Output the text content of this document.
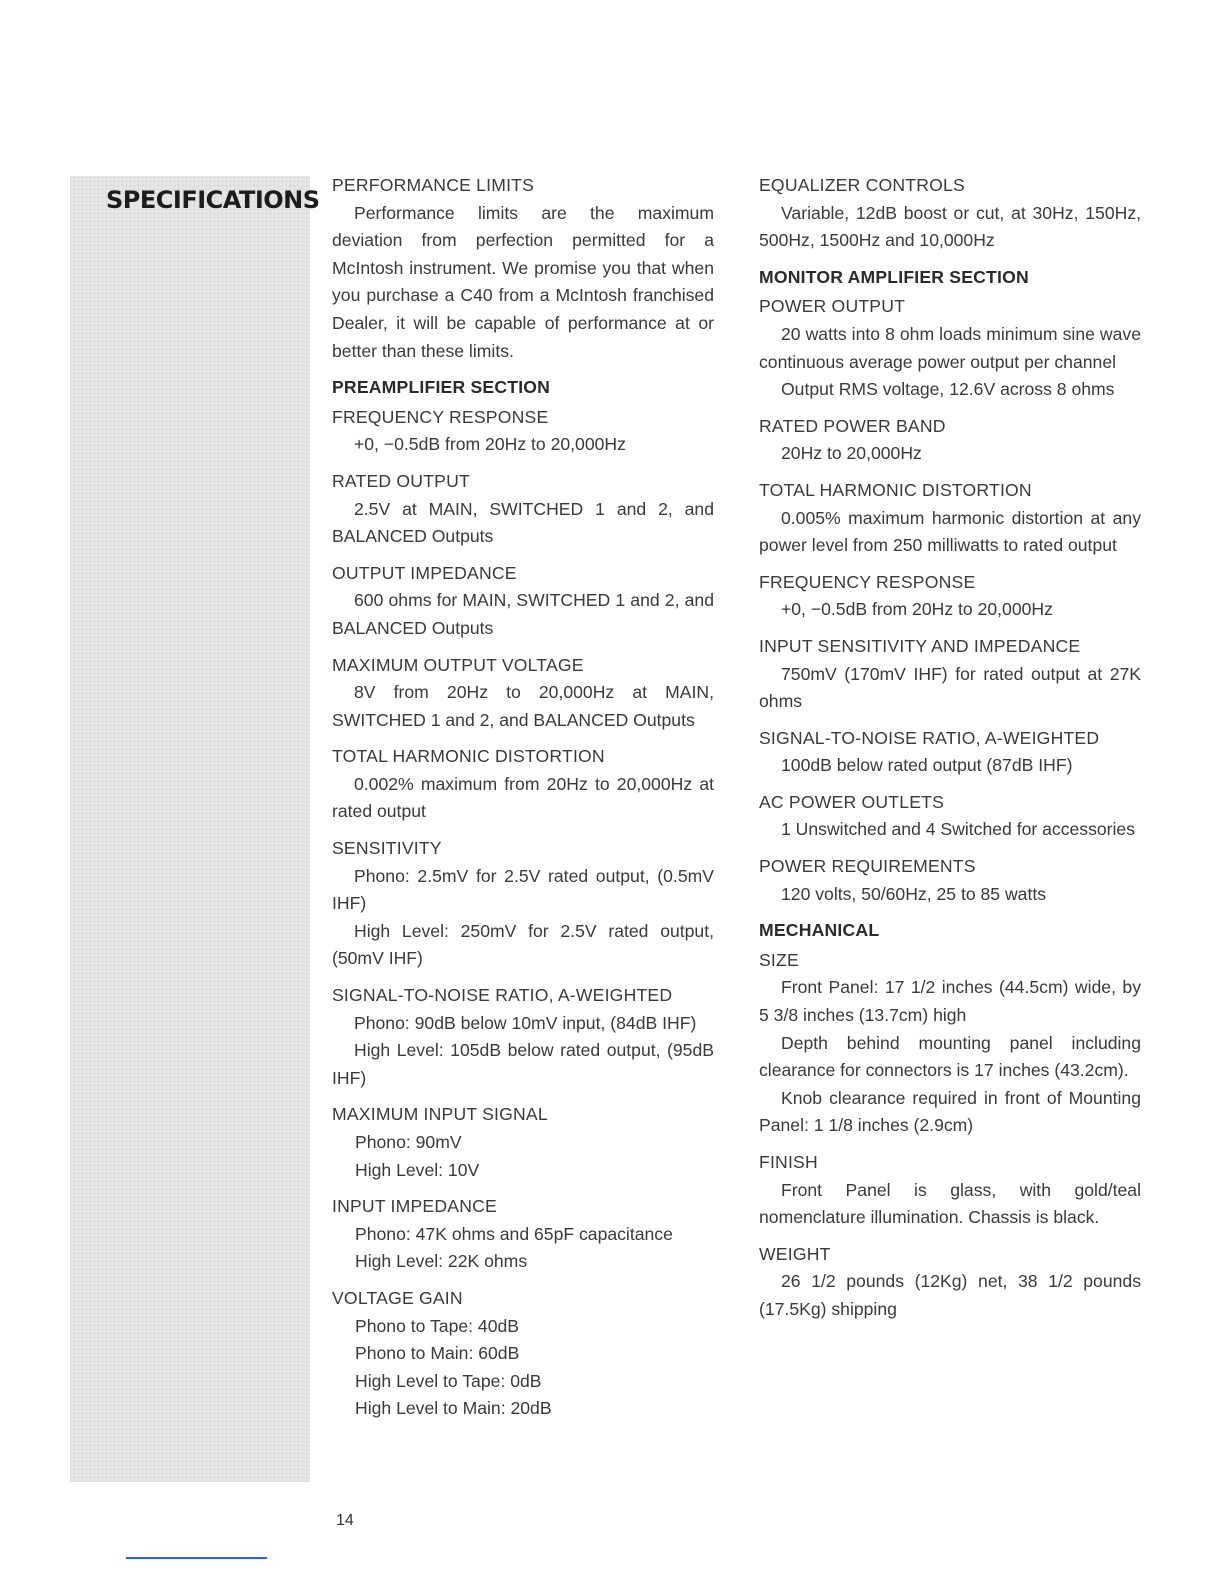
SPECIFICATIONS

PERFORMANCE LIMITS

Performance limits are the maximum deviation from perfection permitted for a McIntosh instrument. We promise you that when you purchase a C40 from a McIntosh franchised Dealer, it will be capable of performance at or better than these limits.

PREAMPLIFIER SECTION

FREQUENCY RESPONSE

+0, −0.5dB from 20Hz to 20,000Hz

RATED OUTPUT

2.5V at MAIN, SWITCHED 1 and 2, and BALANCED Outputs

OUTPUT IMPEDANCE

600 ohms for MAIN, SWITCHED 1 and 2, and BALANCED Outputs

MAXIMUM OUTPUT VOLTAGE

8V from 20Hz to 20,000Hz at MAIN, SWITCHED 1 and 2, and BALANCED Outputs

TOTAL HARMONIC DISTORTION

0.002% maximum from 20Hz to 20,000Hz at rated output

SENSITIVITY

Phono: 2.5mV for 2.5V rated output, (0.5mV IHF)

High Level: 250mV for 2.5V rated output, (50mV IHF)

SIGNAL-TO-NOISE RATIO, A-WEIGHTED

Phono: 90dB below 10mV input, (84dB IHF)

High Level: 105dB below rated output, (95dB IHF)

MAXIMUM INPUT SIGNAL

Phono: 90mV

High Level: 10V

INPUT IMPEDANCE

Phono: 47K ohms and 65pF capacitance

High Level: 22K ohms

VOLTAGE GAIN

Phono to Tape: 40dB

Phono to Main: 60dB

High Level to Tape: 0dB

High Level to Main: 20dB

EQUALIZER CONTROLS

Variable, 12dB boost or cut, at 30Hz, 150Hz, 500Hz, 1500Hz and 10,000Hz

MONITOR AMPLIFIER SECTION

POWER OUTPUT

20 watts into 8 ohm loads minimum sine wave continuous average power output per channel

Output RMS voltage, 12.6V across 8 ohms

RATED POWER BAND

20Hz to 20,000Hz

TOTAL HARMONIC DISTORTION

0.005% maximum harmonic distortion at any power level from 250 milliwatts to rated output

FREQUENCY RESPONSE

+0, −0.5dB from 20Hz to 20,000Hz

INPUT SENSITIVITY AND IMPEDANCE

750mV (170mV IHF) for rated output at 27K ohms

SIGNAL-TO-NOISE RATIO, A-WEIGHTED

100dB below rated output (87dB IHF)

AC POWER OUTLETS

1 Unswitched and 4 Switched for accessories

POWER REQUIREMENTS

120 volts, 50/60Hz, 25 to 85 watts

MECHANICAL

SIZE

Front Panel: 17 1/2 inches (44.5cm) wide, by 5 3/8 inches (13.7cm) high

Depth behind mounting panel including clearance for connectors is 17 inches (43.2cm).

Knob clearance required in front of Mounting Panel: 1 1/8 inches (2.9cm)

FINISH

Front Panel is glass, with gold/teal nomenclature illumination. Chassis is black.

WEIGHT

26 1/2 pounds (12Kg) net, 38 1/2 pounds (17.5Kg) shipping

14
